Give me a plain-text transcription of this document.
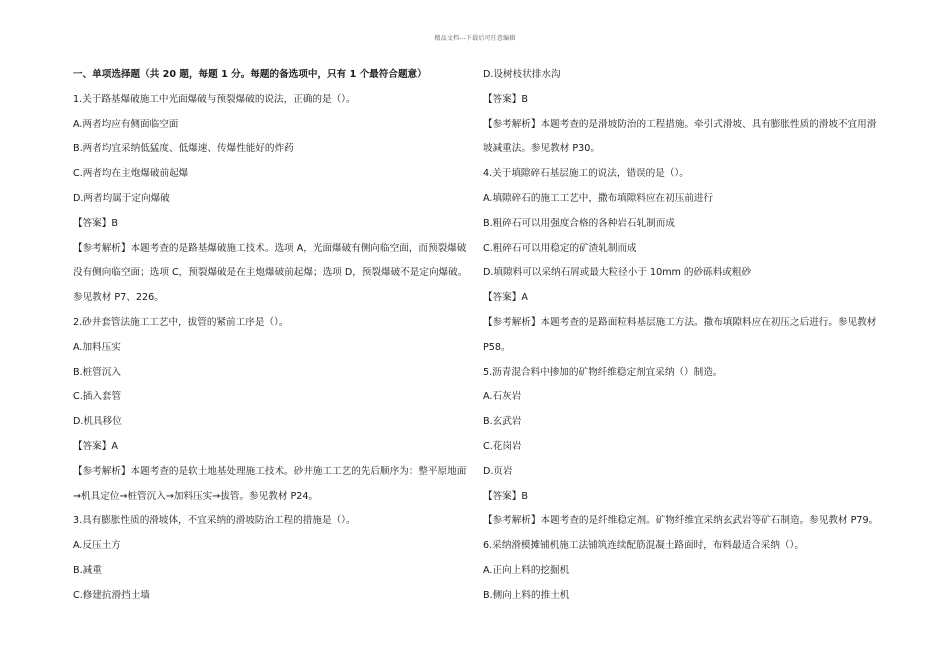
精品文档---下载后可任意编辑
一、单项选择题（共 20 题，每题 1 分。每题的备选项中，只有 1 个最符合题意）
1.关于路基爆破施工中光面爆破与预裂爆破的说法，正确的是（）。
A.两者均应有侧面临空面
B.两者均宜采纳低猛度、低爆速、传爆性能好的炸药
C.两者均在主炮爆破前起爆
D.两者均属于定向爆破
【答案】B
【参考解析】本题考查的是路基爆破施工技术。选项 A，光面爆破有侧向临空面，而预裂爆破
没有侧向临空面；选项 C，预裂爆破是在主炮爆破前起爆；选项 D，预裂爆破不是定向爆破。
参见教材 P7、226。
2.砂井套管法施工工艺中，拔管的紧前工序是（）。
A.加料压实
B.桩管沉入
C.插入套管
D.机具移位
【答案】A
【参考解析】本题考查的是软土地基处理施工技术。砂井施工工艺的先后顺序为：整平原地面
→机具定位→桩管沉入→加料压实→拔管。参见教材 P24。
3.具有膨胀性质的滑坡体，不宜采纳的滑坡防治工程的措施是（）。
A.反压土方
B.减重
C.修建抗滑挡土墙
D.设树枝状排水沟
【答案】B
【参考解析】本题考查的是滑坡防治的工程措施。牵引式滑坡、具有膨胀性质的滑坡不宜用滑
坡减重法。参见教材 P30。
4.关于填隙碎石基层施工的说法，错误的是（）。
A.填隙碎石的施工工艺中，撒布填隙料应在初压前进行
B.粗碎石可以用强度合格的各种岩石轧制而成
C.粗碎石可以用稳定的矿渣轧制而成
D.填隙料可以采纳石屑或最大粒径小于 10mm 的砂砾料或粗砂
【答案】A
【参考解析】本题考查的是路面粒料基层施工方法。撒布填隙料应在初压之后进行。参见教材
P58。
5.沥青混合料中掺加的矿物纤维稳定剂宜采纳（）制造。
A.石灰岩
B.玄武岩
C.花岗岩
D.页岩
【答案】B
【参考解析】本题考查的是纤维稳定剂。矿物纤维宜采纳玄武岩等矿石制造。参见教材 P79。
6.采纳滑模摊铺机施工法铺筑连续配筋混凝土路面时，布料最适合采纳（）。
A.正向上料的挖掘机
B.侧向上料的推土机
